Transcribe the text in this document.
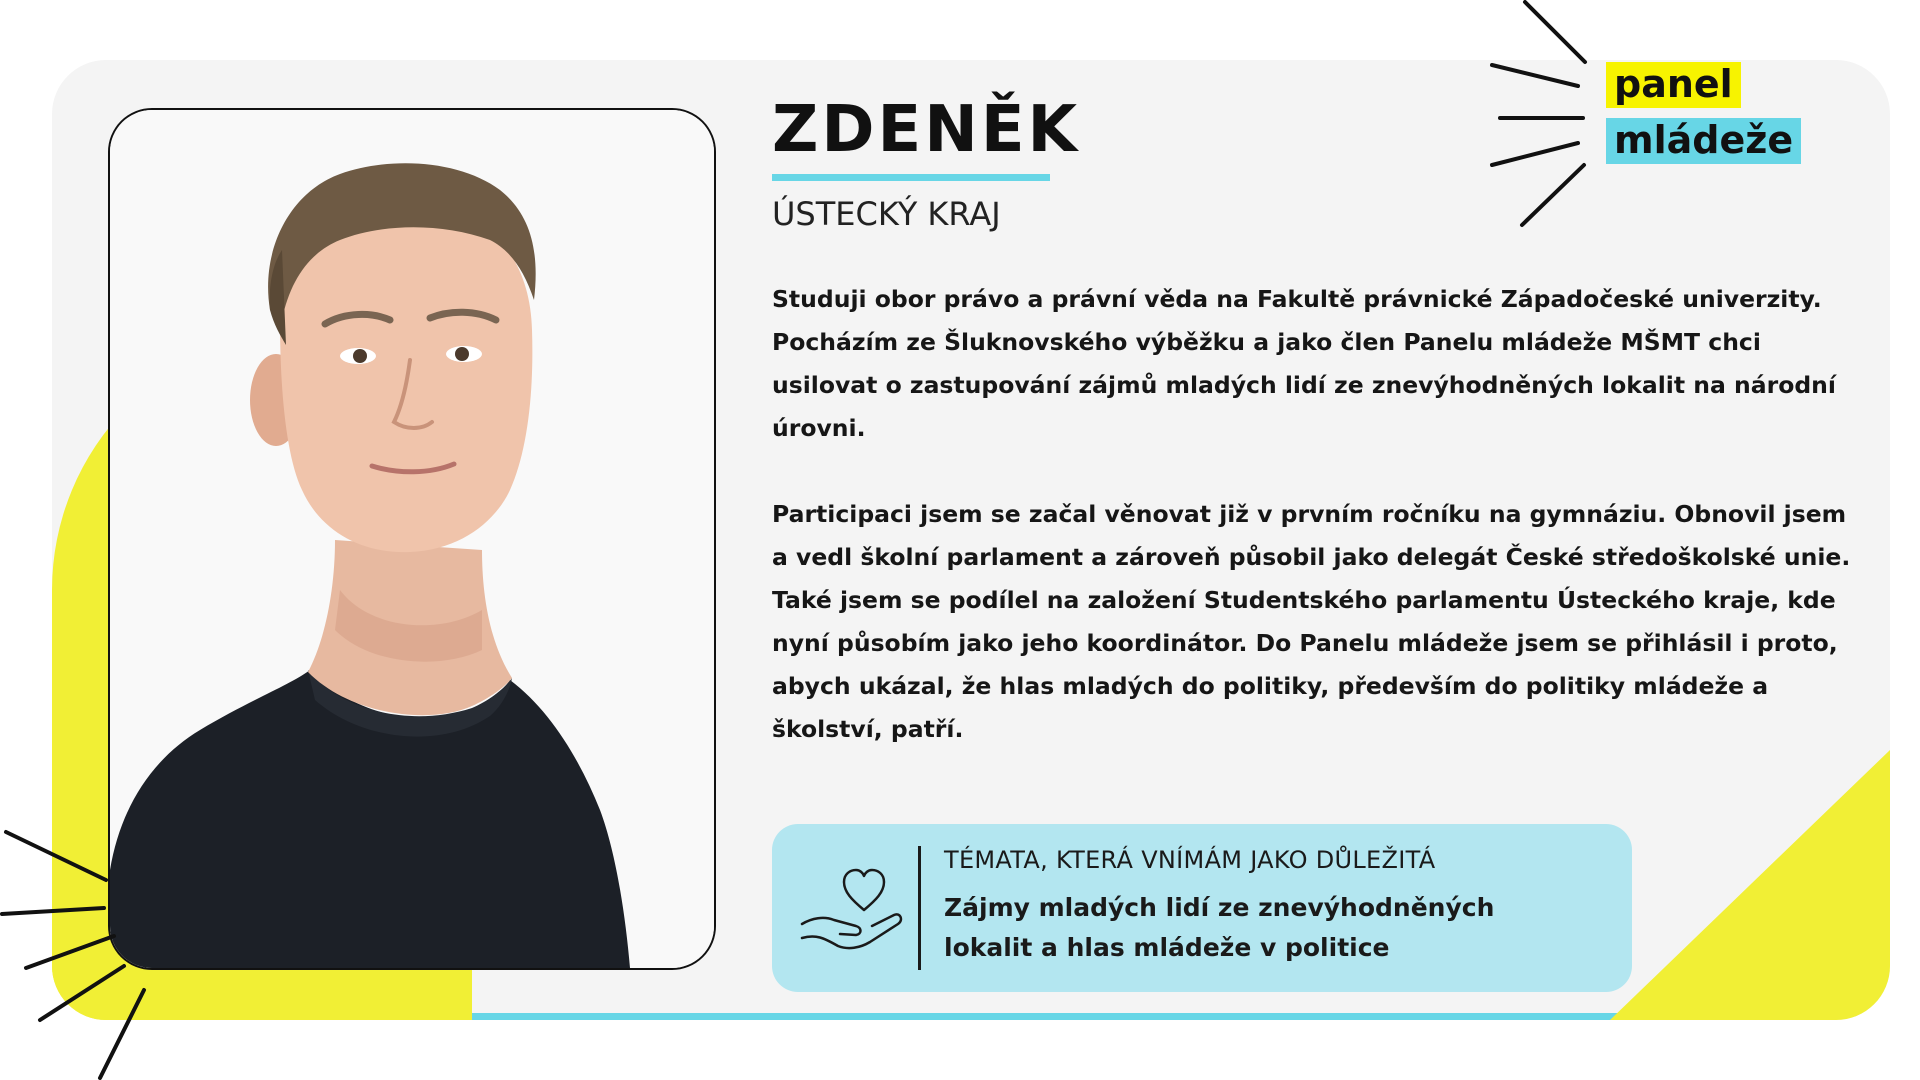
ZDENĚK
ÚSTECKÝ KRAJ

Studuji obor právo a právní věda na Fakultě právnické Západočeské univerzity. Pocházím ze Šluknovského výběžku a jako člen Panelu mládeže MŠMT chci usilovat o zastupování zájmů mladých lidí ze znevýhodněných lokalit na národní úrovni.

Participaci jsem se začal věnovat již v prvním ročníku na gymnáziu. Obnovil jsem a vedl školní parlament a zároveň působil jako delegát České středoškolské unie. Také jsem se podílel na založení Studentského parlamentu Ústeckého kraje, kde nyní působím jako jeho koordinátor. Do Panelu mládeže jsem se přihlásil i proto, abych ukázal, že hlas mladých do politiky, především do politiky mládeže a školství, patří.

TÉMATA, KTERÁ VNÍMÁM JAKO DŮLEŽITÁ
Zájmy mladých lidí ze znevýhodněných lokalit a hlas mládeže v politice
panel
mládeže
